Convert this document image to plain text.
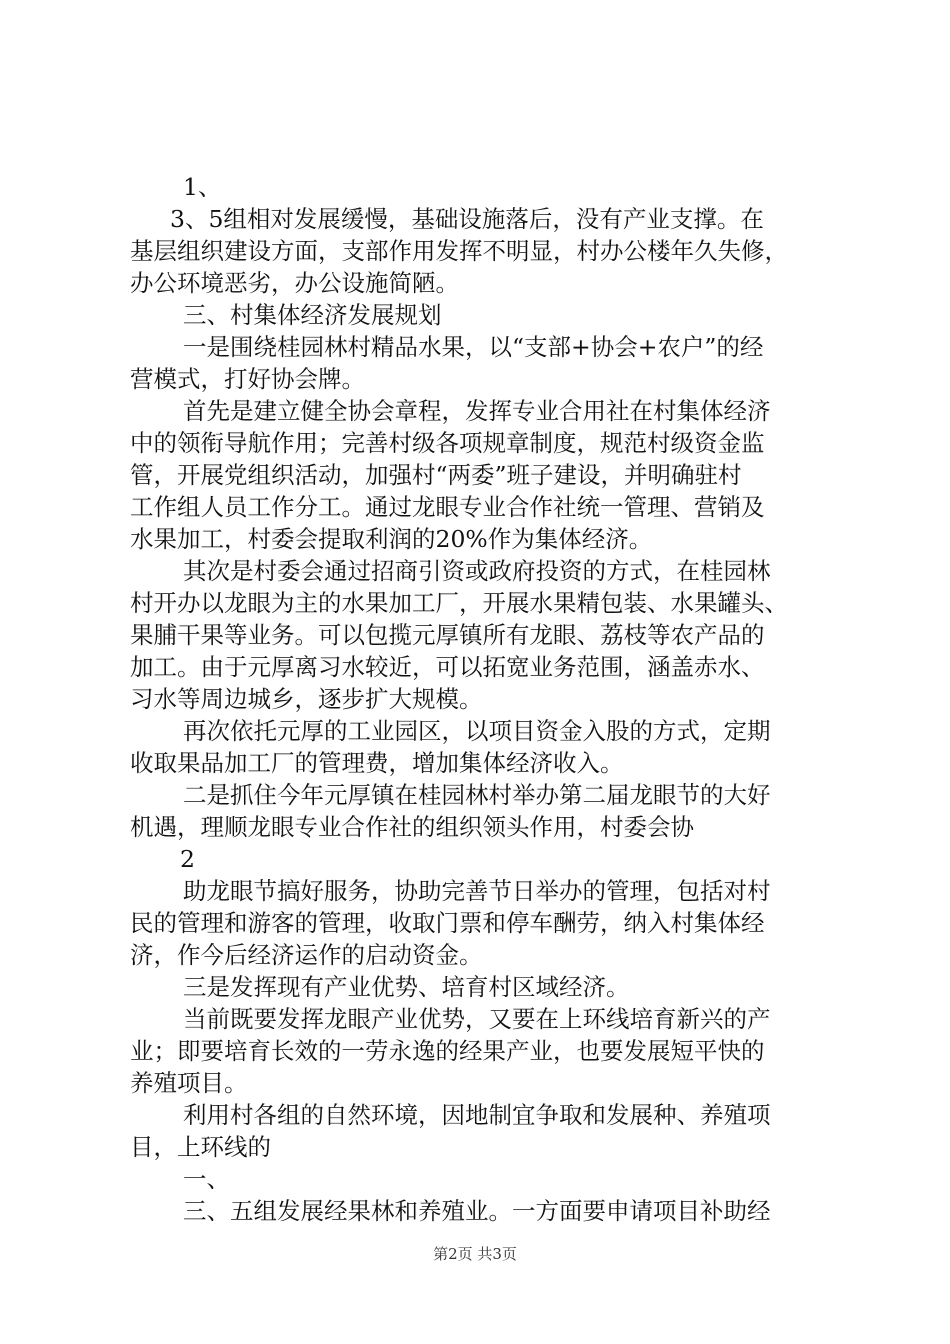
1、
3、5组相对发展缓慢，基础设施落后，没有产业支撑。在
基层组织建设方面，支部作用发挥不明显，村办公楼年久失修，
办公环境恶劣，办公设施简陋。
三、村集体经济发展规划
一是围绕桂园林村精品水果，以“支部+协会+农户”的经
营模式，打好协会牌。
首先是建立健全协会章程，发挥专业合用社在村集体经济
中的领衔导航作用；完善村级各项规章制度，规范村级资金监
管，开展党组织活动，加强村“两委”班子建设，并明确驻村
工作组人员工作分工。通过龙眼专业合作社统一管理、营销及
水果加工，村委会提取利润的20%作为集体经济。
其次是村委会通过招商引资或政府投资的方式，在桂园林
村开办以龙眼为主的水果加工厂，开展水果精包装、水果罐头、
果脯干果等业务。可以包揽元厚镇所有龙眼、荔枝等农产品的
加工。由于元厚离习水较近，可以拓宽业务范围，涵盖赤水、
习水等周边城乡，逐步扩大规模。
再次依托元厚的工业园区，以项目资金入股的方式，定期
收取果品加工厂的管理费，增加集体经济收入。
二是抓住今年元厚镇在桂园林村举办第二届龙眼节的大好
机遇，理顺龙眼专业合作社的组织领头作用，村委会协
2
助龙眼节搞好服务，协助完善节日举办的管理，包括对村
民的管理和游客的管理，收取门票和停车酬劳，纳入村集体经
济，作今后经济运作的启动资金。
三是发挥现有产业优势、培育村区域经济。
当前既要发挥龙眼产业优势，又要在上环线培育新兴的产
业；即要培育长效的一劳永逸的经果产业，也要发展短平快的
养殖项目。
利用村各组的自然环境，因地制宜争取和发展种、养殖项
目，上环线的
一、
三、五组发展经果林和养殖业。一方面要申请项目补助经
第2页 共3页
